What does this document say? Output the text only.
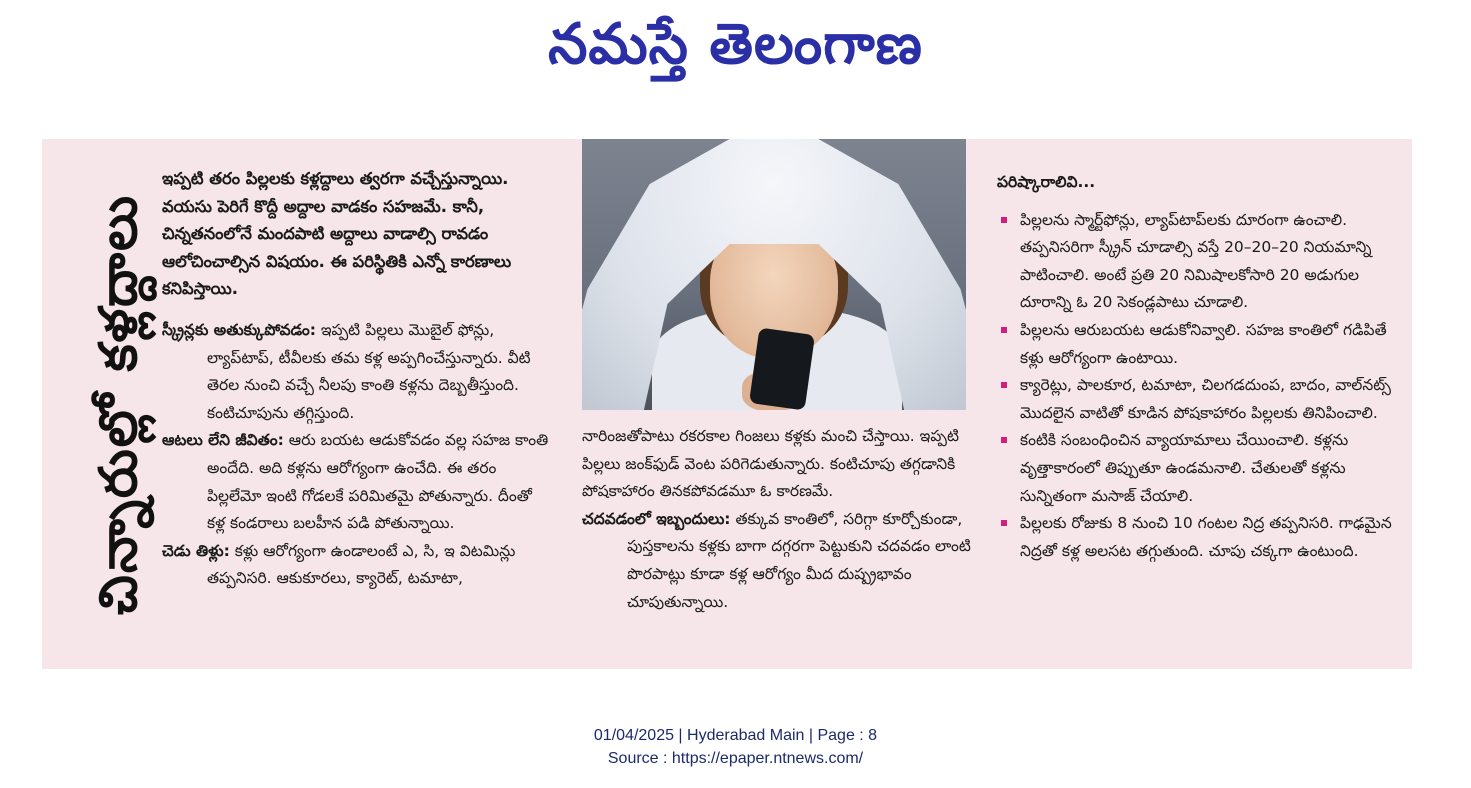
నమస్తే తెలంగాణ
చిన్నారుల్లో కళ్లద్దాలు

ఇప్పటి తరం పిల్లలకు కళ్లద్దాలు త్వరగా వచ్చేస్తున్నాయి. వయసు పెరిగే కొద్దీ అద్దాల వాడకం సహజమే. కానీ, చిన్నతనంలోనే మందపాటి అద్దాలు వాడాల్సి రావడం ఆలోచించాల్సిన విషయం. ఈ పరిస్థితికి ఎన్నో కారణాలు కనిపిస్తాయి.

స్క్రీన్లకు అతుక్కుపోవడం: ఇప్పటి పిల్లలు మొబైల్ ఫోన్లు, ల్యాప్‌టాప్, టీవీలకు తమ కళ్ల అప్పగించేస్తున్నారు. వీటి తెరల నుంచి వచ్చే నీలపు కాంతి కళ్లను దెబ్బతీస్తుంది. కంటిచూపును తగ్గిస్తుంది.

ఆటలు లేని జీవితం: ఆరు బయట ఆడుకోవడం వల్ల సహజ కాంతి అందేది. అది కళ్లను ఆరోగ్యంగా ఉంచేది. ఈ తరం పిల్లలేమో ఇంటి గోడలకే పరిమితమై పోతున్నారు. దీంతో కళ్ల కండరాలు బలహీన పడి పోతున్నాయి.

చెడు తిళ్లు: కళ్లు ఆరోగ్యంగా ఉండాలంటే ఎ, సి, ఇ విటమిన్లు తప్పనిసరి. ఆకుకూరలు, క్యారెట్, టమాటా,

నారింజతోపాటు రకరకాల గింజలు కళ్లకు మంచి చేస్తాయి. ఇప్పటి పిల్లలు జంక్‌ఫుడ్ వెంట పరిగెడుతున్నారు. కంటిచూపు తగ్గడానికి పోషకాహారం తినకపోవడమూ ఓ కారణమే.

చదవడంలో ఇబ్బందులు: తక్కువ కాంతిలో, సరిగ్గా కూర్చోకుండా, పుస్తకాలను కళ్లకు బాగా దగ్గరగా పెట్టుకుని చదవడం లాంటి పొరపాట్లు కూడా కళ్ల ఆరోగ్యం మీద దుష్ప్రభావం చూపుతున్నాయి.

పరిష్కారాలివి...
పిల్లలను స్మార్ట్‌ఫోన్లు, ల్యాప్‌టాప్‌లకు దూరంగా ఉంచాలి. తప్పనిసరిగా స్క్రీన్ చూడాల్సి వస్తే 20–20–20 నియమాన్ని పాటించాలి. అంటే ప్రతి 20 నిమిషాలకోసారి 20 అడుగుల దూరాన్ని ఓ 20 సెకండ్లపాటు చూడాలి.
పిల్లలను ఆరుబయట ఆడుకోనివ్వాలి. సహజ కాంతిలో గడిపితే కళ్లు ఆరోగ్యంగా ఉంటాయి.
క్యారెట్లు, పాలకూర, టమాటా, చిలగడదుంప, బాదం, వాల్‌నట్స్ మొదలైన వాటితో కూడిన పోషకాహారం పిల్లలకు తినిపించాలి.
కంటికి సంబంధించిన వ్యాయామాలు చేయించాలి. కళ్లను వృత్తాకారంలో తిప్పుతూ ఉండమనాలి. చేతులతో కళ్లను సున్నితంగా మసాజ్ చేయాలి.
పిల్లలకు రోజుకు 8 నుంచి 10 గంటల నిద్ర తప్పనిసరి. గాఢమైన నిద్రతో కళ్ల అలసట తగ్గుతుంది. చూపు చక్కగా ఉంటుంది.
01/04/2025 | Hyderabad Main | Page : 8
Source : https://epaper.ntnews.com/
